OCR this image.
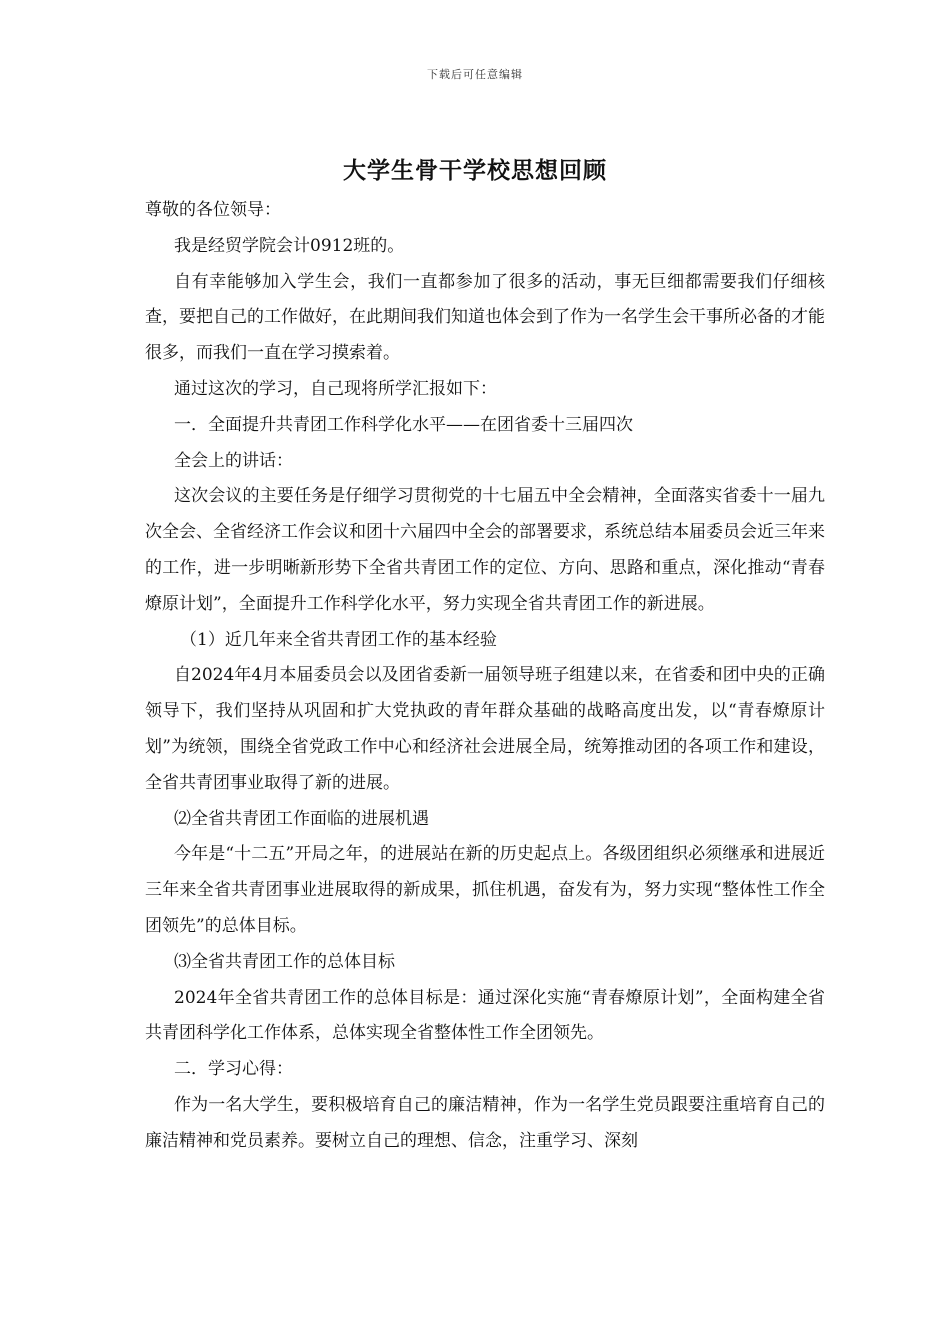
下载后可任意编辑
大学生骨干学校思想回顾

尊敬的各位领导：

我是经贸学院会计0912班的。

自有幸能够加入学生会，我们一直都参加了很多的活动，事无巨细都需要我们仔细核查，要把自己的工作做好，在此期间我们知道也体会到了作为一名学生会干事所必备的才能很多，而我们一直在学习摸索着。

通过这次的学习，自己现将所学汇报如下：

一．全面提升共青团工作科学化水平——在团省委十三届四次

全会上的讲话：

这次会议的主要任务是仔细学习贯彻党的十七届五中全会精神，全面落实省委十一届九次全会、全省经济工作会议和团十六届四中全会的部署要求，系统总结本届委员会近三年来的工作，进一步明晰新形势下全省共青团工作的定位、方向、思路和重点，深化推动“青春燎原计划”，全面提升工作科学化水平，努力实现全省共青团工作的新进展。

（1）近几年来全省共青团工作的基本经验

自2024年4月本届委员会以及团省委新一届领导班子组建以来，在省委和团中央的正确领导下，我们坚持从巩固和扩大党执政的青年群众基础的战略高度出发，以“青春燎原计划”为统领，围绕全省党政工作中心和经济社会进展全局，统筹推动团的各项工作和建设，全省共青团事业取得了新的进展。

⑵全省共青团工作面临的进展机遇

今年是“十二五”开局之年，的进展站在新的历史起点上。各级团组织必须继承和进展近三年来全省共青团事业进展取得的新成果，抓住机遇，奋发有为，努力实现“整体性工作全团领先”的总体目标。

⑶全省共青团工作的总体目标

2024年全省共青团工作的总体目标是：通过深化实施“青春燎原计划”，全面构建全省共青团科学化工作体系，总体实现全省整体性工作全团领先。

二．学习心得：

作为一名大学生，要积极培育自己的廉洁精神，作为一名学生党员跟要注重培育自己的廉洁精神和党员素养。要树立自己的理想、信念，注重学习、深刻
